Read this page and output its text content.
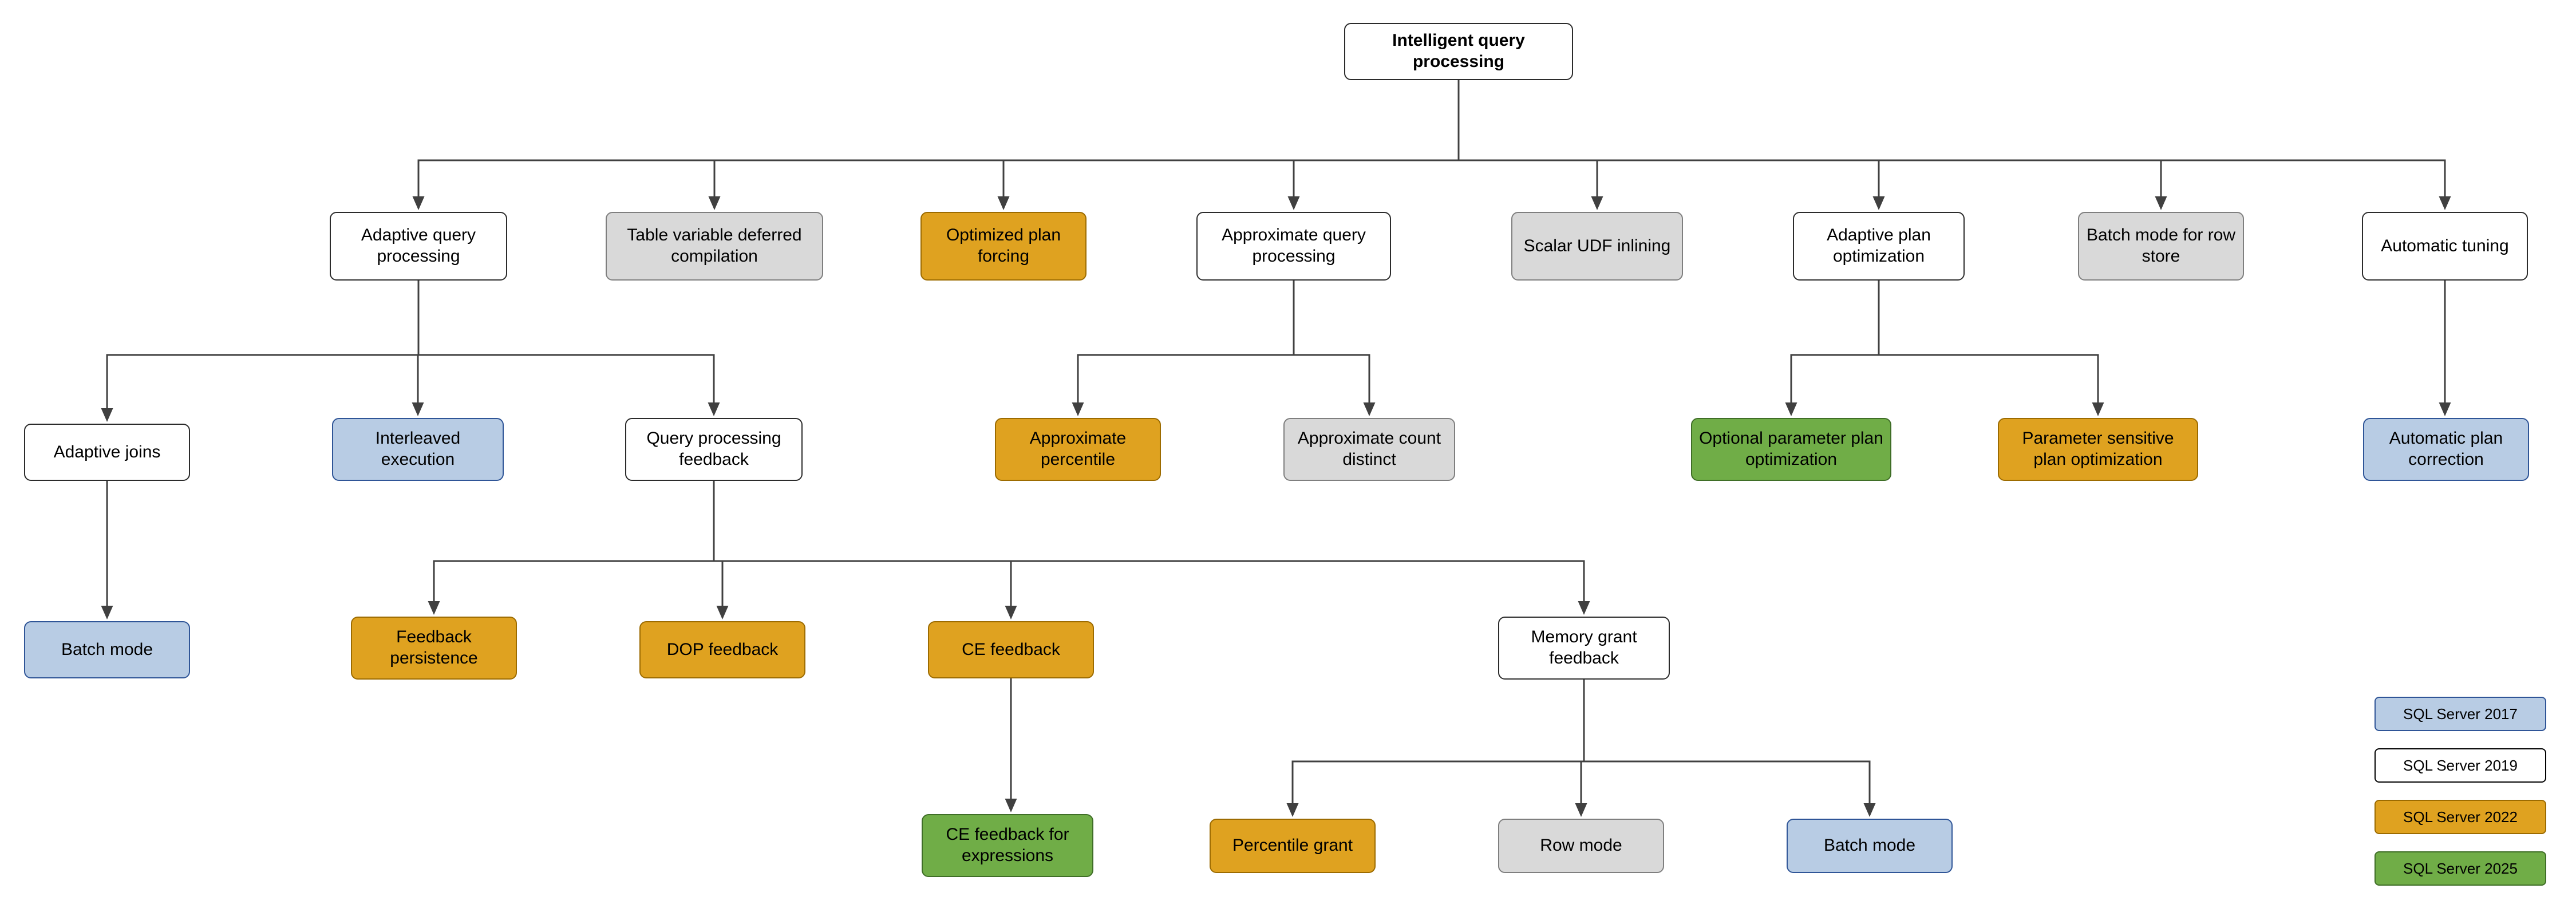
Intelligent query processing
Adaptive query processing
Table variable deferred compilation
Optimized plan forcing
Approximate query processing
Scalar UDF inlining
Adaptive plan optimization
Batch mode for row store
Automatic tuning
Adaptive joins
Interleaved execution
Query processing feedback
Approximate percentile
Approximate count distinct
Optional parameter plan optimization
Parameter sensitive plan optimization
Automatic plan correction
Batch mode
Feedback persistence	DOP feedback	CE feedback
Memory grant feedback
CE feedback for expressions
Percentile grant	Row mode	Batch mode
SQL Server 2017
SQL Server 2019
SQL Server 2022
SQL Server 2025
